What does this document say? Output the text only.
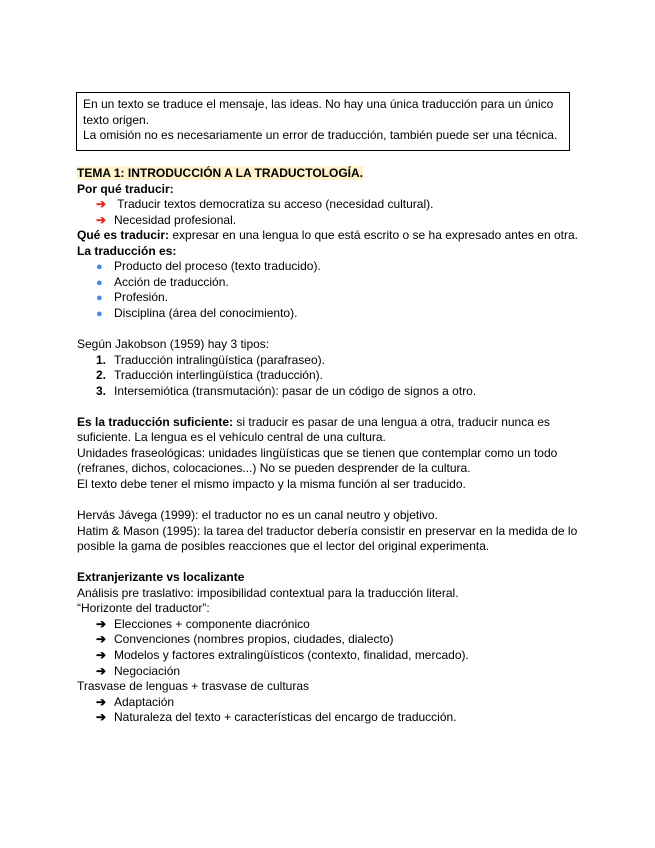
En un texto se traduce el mensaje, las ideas. No hay una única traducción para un único
texto origen.
La omisión no es necesariamente un error de traducción, también puede ser una técnica.
TEMA 1: INTRODUCCIÓN A LA TRADUCTOLOGÍA.
Por qué traducir:
➔ Traducir textos democratiza su acceso (necesidad cultural).
➔ Necesidad profesional.
Qué es traducir: expresar en una lengua lo que está escrito o se ha expresado antes en otra.
La traducción es:
● Producto del proceso (texto traducido).
● Acción de traducción.
● Profesión.
● Disciplina (área del conocimiento).
Según Jakobson (1959) hay 3 tipos:
1. Traducción intralingüística (parafraseo).
2. Traducción interlingüística (traducción).
3. Intersemiótica (transmutación): pasar de un código de signos a otro.
Es la traducción suficiente: si traducir es pasar de una lengua a otra, traducir nunca es
suficiente. La lengua es el vehículo central de una cultura.
Unidades fraseológicas: unidades lingüísticas que se tienen que contemplar como un todo
(refranes, dichos, colocaciones...) No se pueden desprender de la cultura.
El texto debe tener el mismo impacto y la misma función al ser traducido.
Hervás Jávega (1999): el traductor no es un canal neutro y objetivo.
Hatim & Mason (1995): la tarea del traductor debería consistir en preservar en la medida de lo
posible la gama de posibles reacciones que el lector del original experimenta.
Extranjerizante vs localizante
Análisis pre traslativo: imposibilidad contextual para la traducción literal.
“Horizonte del traductor”:
➔ Elecciones + componente diacrónico
➔ Convenciones (nombres propios, ciudades, dialecto)
➔ Modelos y factores extralingüísticos (contexto, finalidad, mercado).
➔ Negociación
Trasvase de lenguas + trasvase de culturas
➔ Adaptación
➔ Naturaleza del texto + características del encargo de traducción.
